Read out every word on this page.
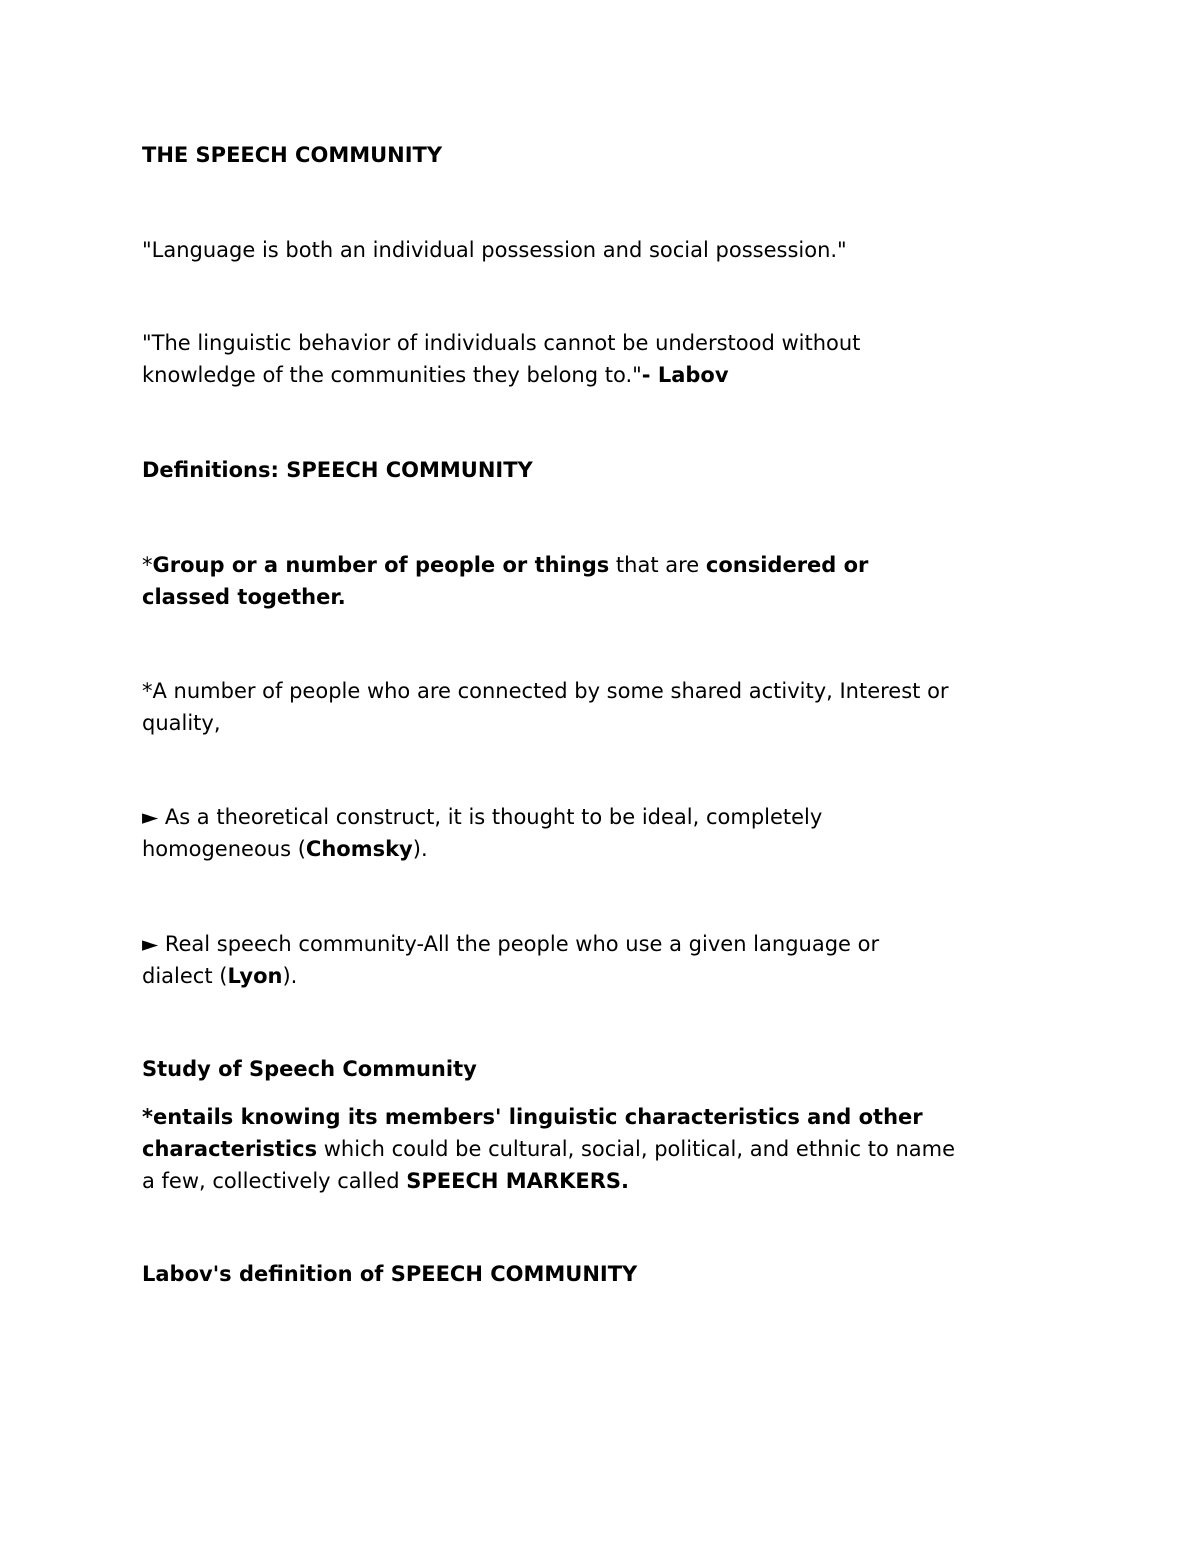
THE SPEECH COMMUNITY

"Language is both an individual possession and social possession."

"The linguistic behavior of individuals cannot be understood without
knowledge of the communities they belong to."- Labov

Definitions: SPEECH COMMUNITY

*Group or a number of people or things that are considered or
classed together.

*A number of people who are connected by some shared activity, Interest or
quality,

► As a theoretical construct, it is thought to be ideal, completely
homogeneous (Chomsky).

► Real speech community-All the people who use a given language or
dialect (Lyon).

Study of Speech Community

*entails knowing its members' linguistic characteristics and other
characteristics which could be cultural, social, political, and ethnic to name
a few, collectively called SPEECH MARKERS.

Labov's definition of SPEECH COMMUNITY
